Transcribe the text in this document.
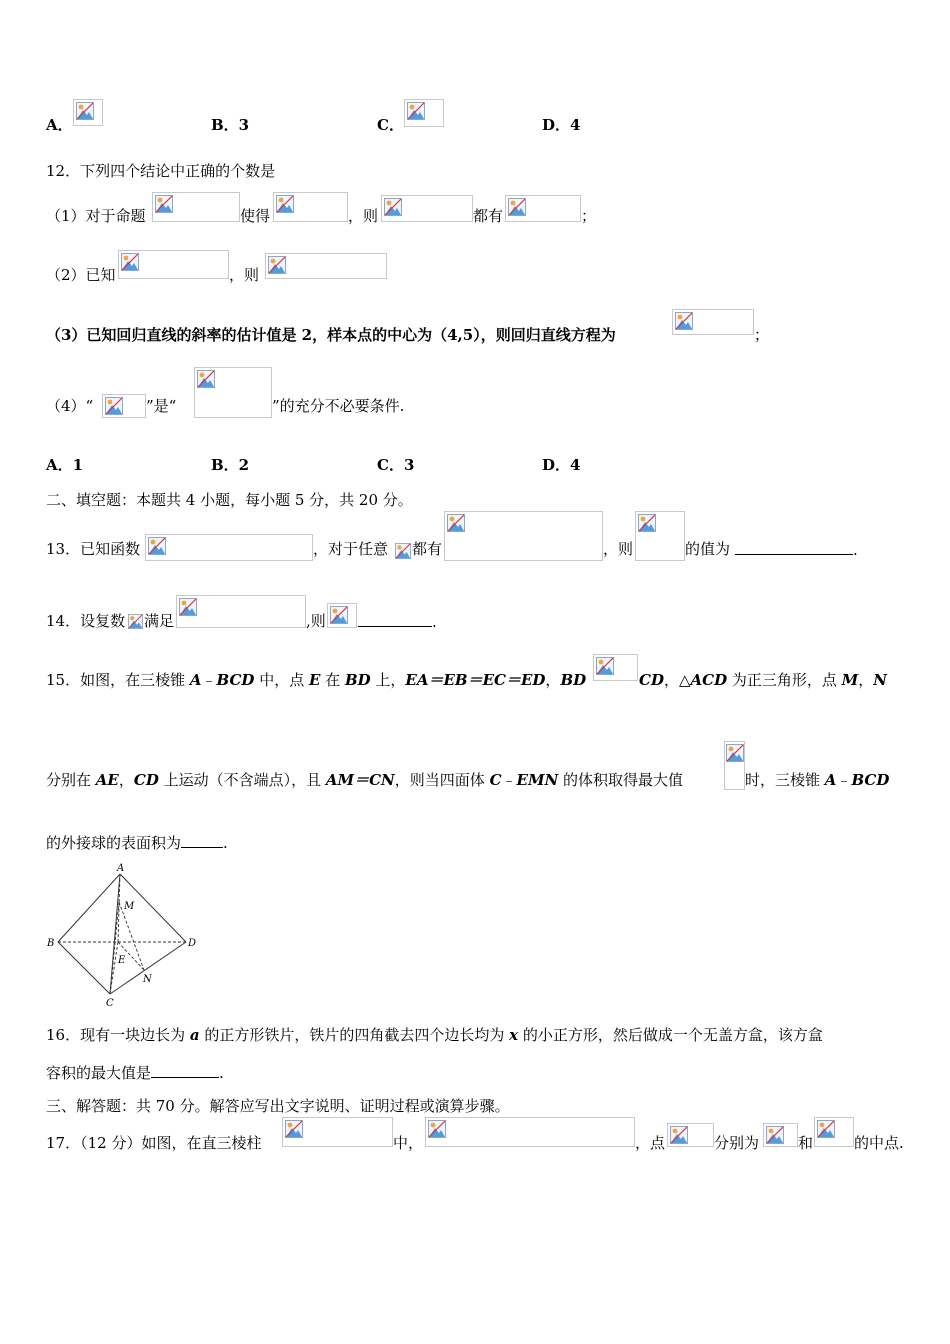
A．	B．3	C．	D．4
12．下列四个结论中正确的个数是
（1）对于命题	使得	，则	都有	；
（2）已知	，则
（3）已知回归直线的斜率的估计值是 2，样本点的中心为（4,5），则回归直线方程为	；
（4）“	”是“	”的充分不必要条件.
A．1	B．2	C．3	D．4
二、填空题：本题共 4 小题，每小题 5 分，共 20 分。
13．已知函数	，对于任意 都有	，则	的值为	.
14．设复数 满足	,则	.
15．如图，在三棱锥 A﹣BCD 中，点 E 在 BD 上，EA＝EB＝EC＝ED，BD	CD，△ACD 为正三角形，点 M，N
分别在 AE，CD 上运动（不含端点），且 AM＝CN，则当四面体 C﹣EMN 的体积取得最大值	时，三棱锥 A﹣BCD
的外接球的表面积为	.
A
B
C
D
E
M
N
16．现有一块边长为 a 的正方形铁片，铁片的四角截去四个边长均为 x 的小正方形，然后做成一个无盖方盒，该方盒
容积的最大值是	.
三、解答题：共 70 分。解答应写出文字说明、证明过程或演算步骤。
17．（12 分）如图，在直三棱柱	中，	，点	分别为	和	的中点.
